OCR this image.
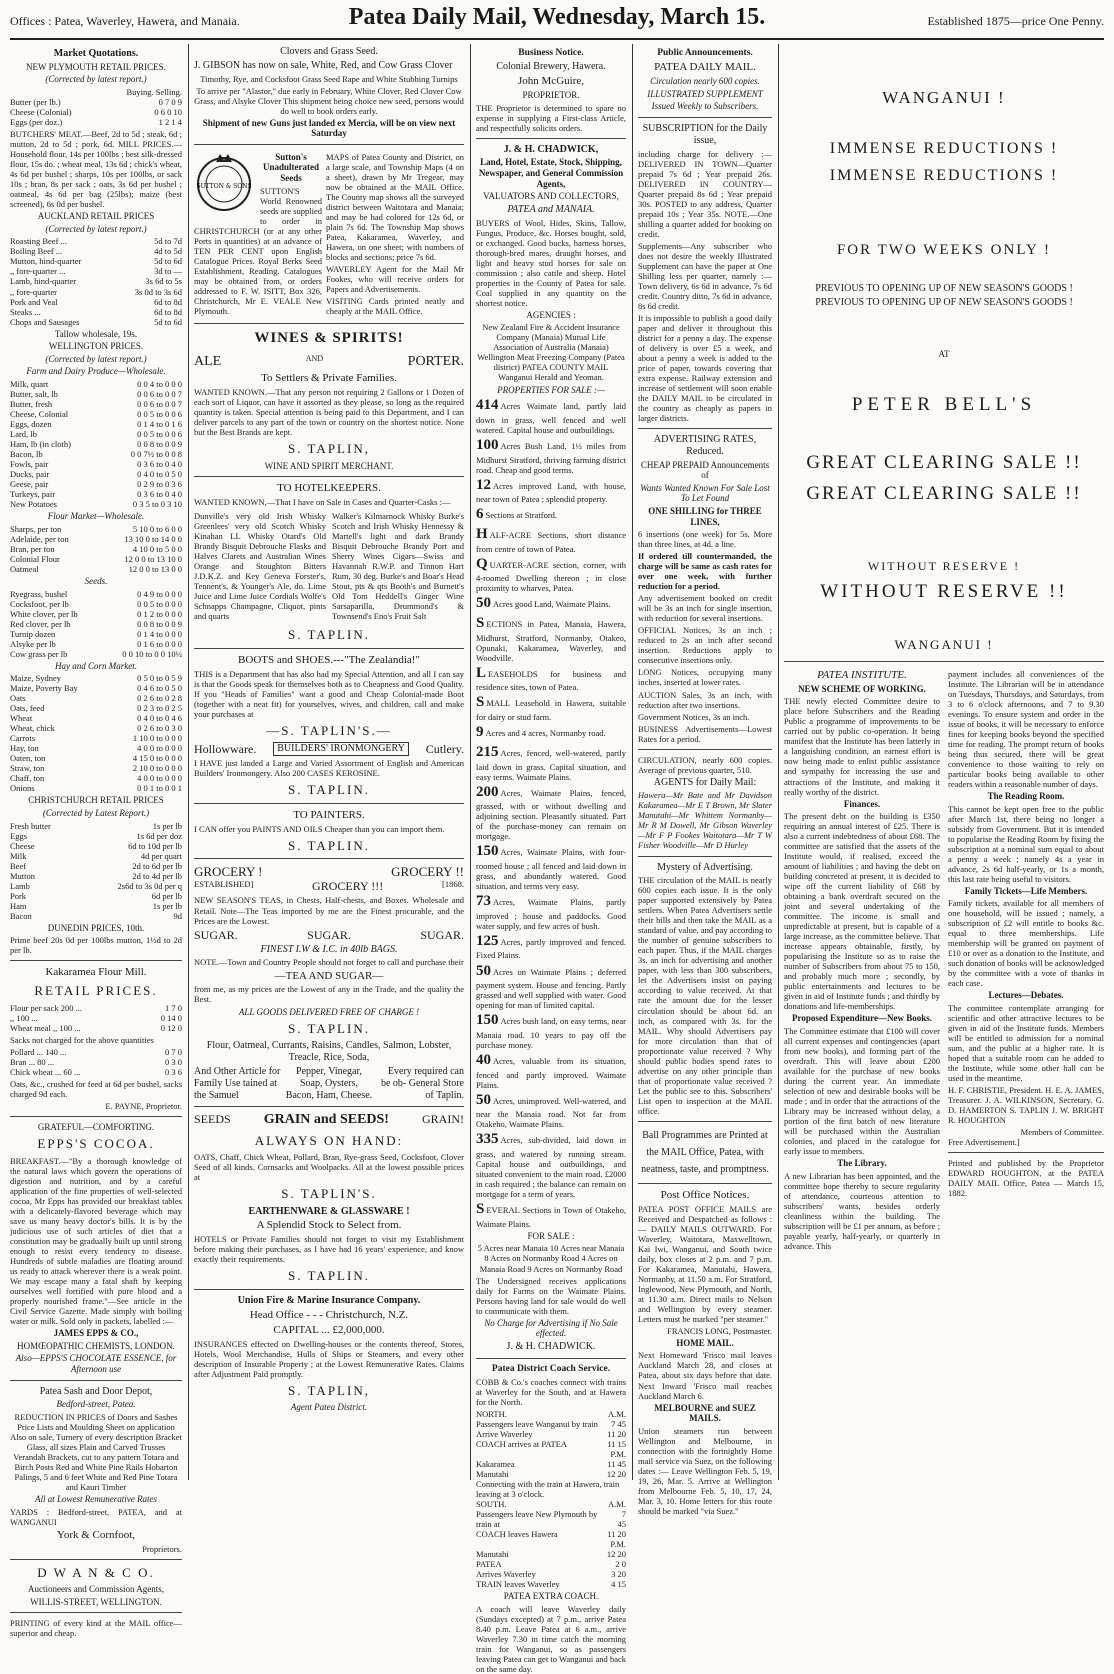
Offices : Patea, Waverley, Hawera, and Manaia.	Patea Daily Mail, Wednesday, March 15.	Established 1875—price One Penny.
Market Quotations.
NEW PLYMOUTH RETAIL PRICES.
(Corrected by latest report.)
Buying. Selling.
Butter (per lb.)	0 7 0 9
Cheese (Colonial)	0 6 0 10
Eggs (per doz.)	1 2 1 4

BUTCHERS' MEAT.—Beef, 2d to 5d ; steak, 6d ; mutton, 2d to 5d ; pork, 6d. MILL PRICES.—Household flour, 14s per 100lbs ; best silk-dressed flour, 15s do. ; wheat meal, 13s 6d ; chick's wheat, 4s 6d per bushel ; sharps, 10s per 100lbs, or sack 10s ; bran, 8s per sack ; oats, 3s 6d per bushel ; oatmeal, 4s 6d per bag (25lbs); maize (best screened), 6s 0d per bushel.

AUCKLAND RETAIL PRICES
(Corrected by latest report.)
Roasting Beef ...	5d to 7d
Boiling Beef ...	4d to 5d
Mutton, hind-quarter	5d to 6d
,, fore-quarter ...	3d to —
Lamb, hind-quarter	3s 6d to 5s
,, fore-quarter	3s 0d to 3s 6d
Pork and Veal	6d to 8d
Steaks ...	6d to 8d
Chops and Sausages	5d to 6d
Tallow wholesale, 19s.
WELLINGTON PRICES.
(Corrected by latest report.)
Farm and Dairy Produce—Wholesale.
Milk, quart	0 0 4 to 0 0 0
Butter, salt, lb	0 0 6 to 0 0 7
Butter, fresh	0 0 6 to 0 0 7
Cheese, Colonial	0 0 5 to 0 0 6
Eggs, dozen	0 1 4 to 0 1 6
Lard, lb	0 0 5 to 0 0 6
Ham, lb (in cloth)	0 0 8 to 0 0 9
Bacon, lb	0 0 7½ to 0 0 8
Fowls, pair	0 3 6 to 0 4 0
Ducks, pair	0 4 0 to 0 5 0
Geese, pair	0 2 9 to 0 3 6
Turkeys, pair	0 3 6 to 0 4 0
New Potatoes	0 3 5 to 0 3 10
Flour Market—Wholesale.
Sharps, per ton	5 10 0 to 6 0 0
Adelaide, per ton	13 10 0 to 14 0 0
Bran, per ton	4 10 0 to 5 0 0
Colonial Flour	12 0 0 to 13 10 0
Oatmeal	12 0 0 to 13 0 0
Seeds.
Ryegrass, bushel	0 4 9 to 0 0 0
Cocksfoot, per lb	0 0 5 to 0 0 0
White clover, per lb	0 1 2 to 0 0 0
Red clover, per lb	0 0 8 to 0 0 9
Turnip dozen	0 1 4 to 0 0 0
Alsyke per lb	0 1 6 to 0 0 0
Cow grass per lb	0 0 10 to 0 0 10½
Hay and Corn Market.
Maize, Sydney	0 5 0 to 0 5 9
Maize, Poverty Bay	0 4 6 to 0 5 0
Oats	0 2 6 to 0 2 8
Oats, feed	0 2 3 to 0 2 5
Wheat	0 4 0 to 0 4 6
Wheat, chick	0 2 6 to 0 3 0
Carrots	1 10 0 to 0 0 0
Hay, ton	4 0 0 to 0 0 0
Oaten, ton	4 15 0 to 0 0 0
Straw, ton	2 10 0 to 0 0 0
Chaff, ton	4 0 0 to 0 0 0
Onions	0 0 1 to 0 0 1
CHRISTCHURCH RETAIL PRICES
(Corrected by Latest Report.)
Fresh butter	1s per lb
Eggs	1s 6d per doz
Cheese	6d to 10d per lb
Milk	4d per quart
Beef	2d to 6d per lb
Mutton	2d to 4d per lb
Lamb	2s6d to 3s 0d per q
Pork	6d per lb
Ham	1s per lb
Bacon	9d
DUNEDIN PRICES, 10th.

Prime beef 20s 0d per 100lbs mutton, 1½d to 2d per lb.

Kakaramea Flour Mill.
RETAIL PRICES.
Flour per sack 200 ...	1 7 0
,, 100 ...	0 14 0
Wheat meal ,, 100 ...	0 12 0

Sacks not charged for the above quantities

Pollard ... 140 ...	0 7 0
Bran ... 80 ...	0 3 0
Chick wheat ... 60 ...	0 3 6

Oats, &c., crushed for feed at 6d per bushel, sacks charged 9d each.

E. PAYNE, Proprietor.
GRATEFUL—COMFORTING.
EPPS'S COCOA.

BREAKFAST.—"By a thorough knowledge of the natural laws which govern the operations of digestion and nutrition, and by a careful application of the fine properties of well-selected cocoa, Mr Epps has provided our breakfast tables with a delicately-flavored beverage which may save us many heavy doctor's bills. It is by the judicious use of such articles of diet that a constitution may be gradually built up until strong enough to resist every tendency to disease. Hundreds of subtle maladies are floating around us ready to attack wherever there is a weak point. We may escape many a fatal shaft by keeping ourselves well fortified with pure blood and a properly nourished frame."—See article in the Civil Service Gazette. Made simply with boiling water or milk. Sold only in packets, labelled :—

JAMES EPPS & CO.,
HOMŒOPATHIC CHEMISTS, LONDON.
Also—EPPS'S CHOCOLATE ESSENCE, for Afternoon use
Patea Sash and Door Depot,
Bedford-street, Patea.

REDUCTION IN PRICES of Doors and Sashes Price Lists and Moulding Sheet on application Also on sale, Turnery of every description Bracket Glass, all sizes Plain and Carved Trusses Verandah Brackets, cut to any pattern Totara and Birch Posts Red and White Pine Rails Hobarton Palings, 5 and 6 feet White and Red Pine Totara and Kauri Timber

All at Lowest Remunerative Rates

YARDS : Bedford-street, PATEA, and at WANGANUI

York & Cornfoot,
Proprietors.
D W A N & C O.
Auctioneers and Commission Agents,
WILLIS-STREET, WELLINGTON.

PRINTING of every kind at the MAIL office—superior and cheap.

Clovers and Grass Seed.

J. GIBSON has now on sale, White, Red, and Cow Grass Clover

Timothy, Rye, and Cocksfoot Grass Seed Rape and White Stubbing Turnips

To arrive per "Alastor," due early in February, White Clover, Red Clover Cow Grass, and Alsyke Clover This shipment being choice new seed, persons would do well to book orders early.

Shipment of new Guns just landed ex Mercia, will be on view next Saturday
SUTTON & SONS
Sutton's Unadulterated Seeds

SUTTON'S World Renowned seeds are supplied to order in CHRISTCHURCH (or at any other Ports in quantities) at an advance of TEN PER CENT upon English Catalogue Prices. Royal Berks Seed Establishment, Reading. Catalogues may be obtained from, or orders addressed to F. W. ISITT, Box 326, Christchurch, Mr E. VEALE New Plymouth.

MAPS of Patea County and District, on a large scale, and Township Maps (4 on a sheet), drawn by Mr Tregear, may now be obtained at the MAIL Office. The County map shows all the surveyed district between Waitotara and Manaia; and may be had colored for 12s 6d, or plain 7s 6d. The Township Map shows Patea, Kakaramea, Waverley, and Hawera, on one sheet; with numbers of blocks and sections; price 7s 6d.

WAVERLEY Agent for the Mail Mr Fookes, who will receive orders for Papers and Advertisements.

VISITING Cards printed neatly and cheaply at the MAIL Office.

WINES & SPIRITS!
ALE	AND	PORTER.
To Settlers & Private Families.

WANTED KNOWN.—That any person not requiring 2 Gallons or 1 Dozen of each sort of Liquor, can have it assorted as they please, so long as the required quantity is taken. Special attention is being paid to this Department, and I can deliver parcels to any part of the town or country on the shortest notice. None but the Best Brands are kept.

S. TAPLIN,
WINE AND SPIRIT MERCHANT.
TO HOTELKEEPERS.

WANTED KNOWN,—That I have on Sale in Cases and Quarter-Casks :—

Dunville's very old Irish Whisky Greenlees' very old Scotch Whisky Kinahan LL Whisky Otard's Old Brandy Bisquit Debrouche Flasks and Halves Clarets and Australian Wines Orange and Stoughton Bitters J.D.K.Z. and Key Geneva Forster's, Tennent's, & Younger's Ale, do. Lime Juice and Lime Juice Cordials Wolfe's Schnapps Champagne, Cliquot, pints and quarts

Walker's Kilmarnock Whisky Burke's Scotch and Irish Whisky Hennessy & Martell's light and dark Brandy Bisquit Debrouche Brandy Port and Sherry Wines Cigars—Swiss and Havannah R.W.P. and Tinnon Hart Rum, 30 deg. Burke's and Boar's Head Stout, pts & qts Booth's and Burnett's Old Tom Heddell's Ginger Wine Sarsaparilla, Drummond's & Townsend's Eno's Fruit Salt

S. TAPLIN.
BOOTS and SHOES.---"The Zealandia!"

THIS is a Department that has also had my Special Attention, and all I can say is that the Goods speak for themselves both as to Cheapness and Good Quality. If you "Heads of Families" want a good and Cheap Colonial-made Boot (together with a neat fit) for yourselves, wives, and children, call and make your purchases at

—S. TAPLIN'S.—
Hollowware.	BUILDERS' IRONMONGERY	Cutlery.

I HAVE just landed a Large and Varied Assortment of English and American Builders' Ironmongery. Also 200 CASES KEROSINE.

S. TAPLIN.
TO PAINTERS.

I CAN offer you PAINTS AND OILS Cheaper than you can import them.

S. TAPLIN.
GROCERY !	GROCERY !!
ESTABLISHED]	GROCERY !!!	[1868.

NEW SEASON'S TEAS, in Chests, Half-chests, and Boxes. Wholesale and Retail. Note—The Teas imported by me are the Finest procurable, and the Prices are the Lowest.

SUGAR.	SUGAR.	SUGAR.
FINEST I.W & I.C. in 40lb BAGS.

NOTE.—Town and Country People should not forget to call and purchase their

—TEA AND SUGAR—

from me, as my prices are the Lowest of any in the Trade, and the quality the Best.

ALL GOODS DELIVERED FREE OF CHARGE !
S. TAPLIN.
Flour, Oatmeal, Currants, Raisins, Candles, Salmon, Lobster, Treacle, Rice, Soda,
And Other Article for Family Use tained at the Samuel
Pepper, Vinegar, Soap, Oysters, Bacon, Ham, Cheese.
Every required can be ob- General Store of Taplin.
SEEDS GRAIN and SEEDS!	GRAIN!
ALWAYS ON HAND:

OATS, Chaff, Chick Wheat, Pollard, Bran, Rye-grass Seed, Cocksfoot, Clover Seed of all kinds. Cornsacks and Woolpacks. All at the lowest possible prices at

S. TAPLIN'S.
EARTHENWARE & GLASSWARE !
A Splendid Stock to Select from.

HOTELS or Private Families should not forget to visit my Establishment before making their purchases, as I have had 16 years' experience, and know exactly their requirements.

S. TAPLIN.
Union Fire & Marine Insurance Company.
Head Office - - - Christchurch, N.Z.
CAPITAL ... £2,000,000.

INSURANCES effected on Dwelling-houses or the contents thereof, Stores, Hotels, Wool Merchandise, Hulls of Ships or Steamers, and every other description of Insurable Property ; at the Lowest Remunerative Rates. Claims after Adjustment Paid promptly.

S. TAPLIN,
Agent Patea District.
Business Notice.
Colonial Brewery, Hawera.
John McGuire,
PROPRIETOR.

THE Proprietor is determined to spare no expense in supplying a First-class Article, and respectfully solicits orders.

J. & H. CHADWICK,
Land, Hotel, Estate, Stock, Shipping, Newspaper, and General Commission Agents,
VALUATORS AND COLLECTORS,
PATEA and MANAIA.

BUYERS of Wool, Hides, Skins, Tallow, Fungus, Produce, &c. Horses bought, sold, or exchanged. Good bucks, harness horses, thorough-bred mares, draught horses, and light and heavy stud horses for sale on commission ; also cattle and sheep. Hotel properties in the County of Patea for sale. Coal supplied in any quantity on the shortest notice.

AGENCIES :

New Zealand Fire & Accident Insurance Company (Manaia) Mutual Life Association of Australia (Manaia) Wellington Meat Freezing Company (Patea district) PATEA COUNTY MAIL Wanganui Herald and Yeoman.

PROPERTIES FOR SALE :—

414 Acres Waimate land, partly laid down in grass, well fenced and well watered. Capital house and outbuildings.

100 Acres Bush Land, 1½ miles from Midhurst Stratford, thriving farming district road. Cheap and good terms.

12 Acres improved Land, with house, near town of Patea ; splendid property.

6 Sections at Stratford.

HALF-ACRE Sections, short distance from centre of town of Patea.

QUARTER-ACRE section, corner, with 4-roomed Dwelling thereon ; in close proximity to wharves, Patea.

50 Acres good Land, Waimate Plains.

SECTIONS in Patea, Manaia, Hawera, Midhurst, Stratford, Normanby, Otakeo, Opunaki, Kakaramea, Waverley, and Woodville.

LEASEHOLDS for business and residence sites, town of Patea.

SMALL Leasehold in Hawera, suitable for dairy or stud farm.

9 Acres and 4 acres, Normanby road.

215 Acres, fenced, well-watered, partly laid down in grass. Capital situation, and easy terms. Waimate Plains.

200 Acres, Waimate Plains, fenced, grassed, with or without dwelling and adjoining section. Pleasantly situated. Part of the purchase-money can remain on mortgage.

150 Acres, Waimate Plains, with four-roomed house ; all fenced and laid down in grass, and abundantly watered. Good situation, and terms very easy.

73 Acres, Waimate Plains, partly improved ; house and paddocks. Good water supply, and few acres of bush.

125 Acres, partly improved and fenced. Fixed Plains.

50 Acres on Waimate Plains ; deferred payment system. House and fencing. Partly grassed and well supplied with water. Good opening for man of limited capital.

150 Acres bush land, on easy terms, near Manaia road. 10 years to pay off the purchase money.

40 Acres, valuable from its situation, fenced and partly improved. Waimate Plains.

50 Acres, unimproved. Well-watered, and near the Manaia road. Not far from Otakeho, Waimate Plains.

335 Acres, sub-divided, laid down in grass, and watered by running stream. Capital house and outbuildings, and situated convenient to the main road. £2000 in cash required ; the balance can remain on mortgage for a term of years.

SEVERAL Sections in Town of Otakeho, Waimate Plains.

FOR SALE :

5 Acres near Manaia 10 Acres near Manaia 8 Acres on Normanby Road 4 Acres on Manaia Road 9 Acres on Normanby Road

The Undersigned receives applications daily for Farms on the Waimate Plains. Persons having land for sale would do well to communicate with them.

No Charge for Advertising if No Sale effected.
J. & H. CHADWICK.
Patea District Coach Service.

COBB & Co.'s coaches connect with trains at Waverley for the South, and at Hawera for the North.

NORTH.	A.M.
Passengers leave Wanganui by train 7 45
Arrive Waverley	11 20
COACH arrives at PATEA	11 15
P.M.
Kakaramea	11 45
Manutahi	12 20
Connecting with the train at Hawera, train leaving at 3 o'clock.
SOUTH.	A.M.
Passengers leave New Plymouth by train at
7 45
COACH leaves Hawera	11 20
P.M.
Manutahi	12 20
PATEA	2 0
Arrives Waverley	3 20
TRAIN leaves Waverley	4 15
PATEA EXTRA COACH.

A coach will leave Waverley daily (Sundays excepted) at 7 p.m., arrive Patea 8.40 p.m. Leave Patea at 6 a.m., arrive Waverley 7.30 in time catch the morning train for Wanganui, so as passengers leaving Patea can get to Wanganui and back on the same day.

Public Announcements.
PATEA DAILY MAIL.
Circulation nearly 600 copies.
ILLUSTRATED SUPPLEMENT
Issued Weekly to Subscribers.
SUBSCRIPTION for the Daily issue,

including charge for delivery :— DELIVERED IN TOWN—Quarter prepaid 7s 6d ; Year prepaid 26s. DELIVERED IN COUNTRY—Quarter prepaid 8s 6d ; Year prepaid 30s. POSTED to any address, Quarter prepaid 10s ; Year 35s. NOTE.—One shilling a quarter added for booking on credit.

Supplements—Any subscriber who does not desire the weekly Illustrated Supplement can have the paper at One Shilling less per quarter, namely :— Town delivery, 6s 6d in advance, 7s 6d credit. Country ditto, 7s 6d in advance, 8s 6d credit.

It is impossible to publish a good daily paper and deliver it throughout this district for a penny a day. The expense of delivery is over £5 a week, and about a penny a week is added to the price of paper, towards covering that extra expense. Railway extension and increase of settlement will soon enable the DAILY MAIL to be circulated in the country as cheaply as papers in larger districts.

ADVERTISING RATES, Reduced.
CHEAP PREPAID Announcements of
Wants Wanted Known For Sale Lost To Let Found
ONE SHILLING for THREE LINES,

6 insertions (one week) for 5s. More than three lines, at 4d. a line.

If ordered till countermanded, the charge will be same as cash rates for over one week, with further reduction for a period.

Any advertisement booked on credit will be 3s an inch for single insertion, with reduction for several insertions.

OFFICIAL Notices, 3s an inch ; reduced to 2s an inch after second insertion. Reductions apply to consecutive insertions only.

LONG Notices, occupying many inches, inserted at lower rates.

AUCTION Sales, 3s an inch, with reduction after two insertions.

Government Notices, 3s an inch.

BUSINESS Advertisements—Lowest Rates for a period.

CIRCULATION, nearly 600 copies. Average of previous quarter, 510.

AGENTS for Daily Mail:

Hawera—Mr Bate and Mr Davidson Kakaramea—Mr E T Brown, Mr Slater Manutahi—Mr Whittem Normanby—Mr R M Dowell, Mr Gibson Waverley—Mr F P Fookes Waitotara—Mr T W Fisher Woodville—Mr D Hurley

Mystery of Advertising.

THE circulation of the MAIL is nearly 600 copies each issue. It is the only paper supported extensively by Patea settlers. When Patea Advertisers settle their bills and then take the MAIL as a standard of value, and pay according to the number of genuine subscribers to each paper. Thus, if the MAIL charges 3s. an inch for advertising and another paper, with less than 300 subscribers, let the Advertisers insist on paying according to value received. At that rate the amount due for the lesser circulation should be about 6d. an inch, as compared with 3s. for the MAIL. Why should Advertisers pay for more circulation than that of proportionate value received ? Why should public bodies spend rates to advertise on any other principle than that of proportionate value received ? Let the public see to this. Subscribers' List open to inspection at the MAIL office.

Ball Programmes are Printed at the MAIL Office, Patea, with neatness, taste, and promptness.

Post Office Notices.

PATEA POST OFFICE MAILS are Received and Despatched as follows :— DAILY MAILS OUTWARD. For Waverley, Waitotara, Maxwelltown, Kai Iwi, Wanganui, and South twice daily, box closes at 2 p.m. and 7 p.m. For Kakaramea, Manutahi, Hawera, Normanby, at 11.50 a.m. For Stratford, Inglewood, New Plymouth, and North, at 11.30 a.m. Direct mails to Nelson and Wellington by every steamer. Letters must be marked "per steamer."

FRANCIS LONG, Postmaster.
HOME MAIL.

Next Homeward 'Frisco mail leaves Auckland March 28, and closes at Patea, about six days before that date. Next Inward 'Frisco mail reaches Auckland March 6.

MELBOURNE and SUEZ MAILS.

Union steamers run between Wellington and Melbourne, in connection with the fortnightly Home mail service via Suez, on the following dates :— Leave Wellington Feb. 5, 19, 19, 26, Mar. 5. Arrive at Wellington from Melbourne Feb. 5, 10, 17, 24, Mar. 3, 10. Home letters for this route should be marked "via Suez."

WANGANUI !
IMMENSE REDUCTIONS !
IMMENSE REDUCTIONS !
FOR TWO WEEKS ONLY !
PREVIOUS TO OPENING UP OF NEW SEASON'S GOODS !
PREVIOUS TO OPENING UP OF NEW SEASON'S GOODS !
AT
PETER BELL'S
GREAT CLEARING SALE !!
GREAT CLEARING SALE !!
WITHOUT RESERVE !
WITHOUT RESERVE !!
WANGANUI !
PATEA INSTITUTE.
NEW SCHEME OF WORKING.

THE newly elected Committee desire to place before Subscribers and the Reading Public a programme of improvements to be carried out by public co-operation. It being manifest that the Institute has been latterly in a languishing condition, an earnest effort is now being made to enlist public assistance and sympathy for increasing the use and attractions of the Institute, and making it really worthy of the district.

Finances.

The present debt on the building is £350 requiring an annual interest of £25. There is also a current indebtedness of about £68. The committee are satisfied that the assets of the Institute would, if realised, exceed the amount of liabilities ; and having the debt on building concreted at present, it is decided to wipe off the current liability of £68 by obtaining a bank overdraft secured on the joint and several undertaking of the committee. The income is small and unpredictable at present, but is capable of a large increase, as the committee believe. That increase appears obtainable, firstly, by popularising the Institute so as to raise the number of Subscribers from about 75 to 150, and probably much more ; secondly, by public entertainments and lectures to be given in aid of Institute funds ; and thirdly by donations and life-memberships.

Proposed Expenditure—New Books.

The Committee estimate that £100 will cover all current expenses and contingencies (apart from new books), and forming part of the overdraft. This will leave about £200 available for the purchase of new books during the current year. An immediate selection of new and desirable books will be made ; and in order that the attractions of the Library may be increased without delay, a portion of the first batch of new literature will be purchased within the Australian colonies, and placed in the catalogue for early issue to members.

The Library.

A new Librarian has been appointed, and the committee hope thereby to secure regularity of attendance, courteous attention to subscribers' wants, besides orderly cleanliness within the building. The subscription will be £1 per annum, as before ; payable yearly, half-yearly, or quarterly in advance. This

payment includes all conveniences of the Institute. The Librarian will be in attendance on Tuesdays, Thursdays, and Saturdays, from 3 to 6 o'clock afternoons, and 7 to 9.30 evenings. To ensure system and order in the issue of books, it will be necessary to enforce fines for keeping books beyond the specified time for reading. The prompt return of books being thus secured, there will be great convenience to those waiting to rely on particular books being available to other readers within a reasonable number of days.

The Reading Room.

This cannot be kept open free to the public after March 1st, there being no longer a subsidy from Government. But it is intended to popularise the Reading Room by fixing the subscription at a nominal sum equal to about a penny a week ; namely 4s a year in advance, 2s 6d half-yearly, or 1s a month, this last rate being useful to visitors.

Family Tickets—Life Members.

Family tickets, available for all members of one household, will be issued ; namely, a subscription of £2 will entitle to books &c. equal to three memberships. Life membership will be granted on payment of £10 or over as a donation to the Institute, and such donation of books will be acknowledged by the committee with a vote of thanks in each case.

Lectures—Debates.

The committee contemplate arranging for scientific and other attractive lectures to be given in aid of the Institute funds. Members will be entitled to admission for a nominal sum, and the public at a higher rate. It is hoped that a suitable room can be added to the Institute, while some other hall can be used in the meantime.

H. F. CHRISTIE, President. H. E. A. JAMES, Treasurer. J. A. WILKINSON, Secretary. G. D. HAMERTON S. TAPLIN J. W. BRIGHT R. HOUGHTON

Members of Committee.
Free Advertisement.]

Printed and published by the Proprietor EDWARD HOUGHTON, at the PATEA DAILY MAIL Office, Patea — March 15, 1882.
